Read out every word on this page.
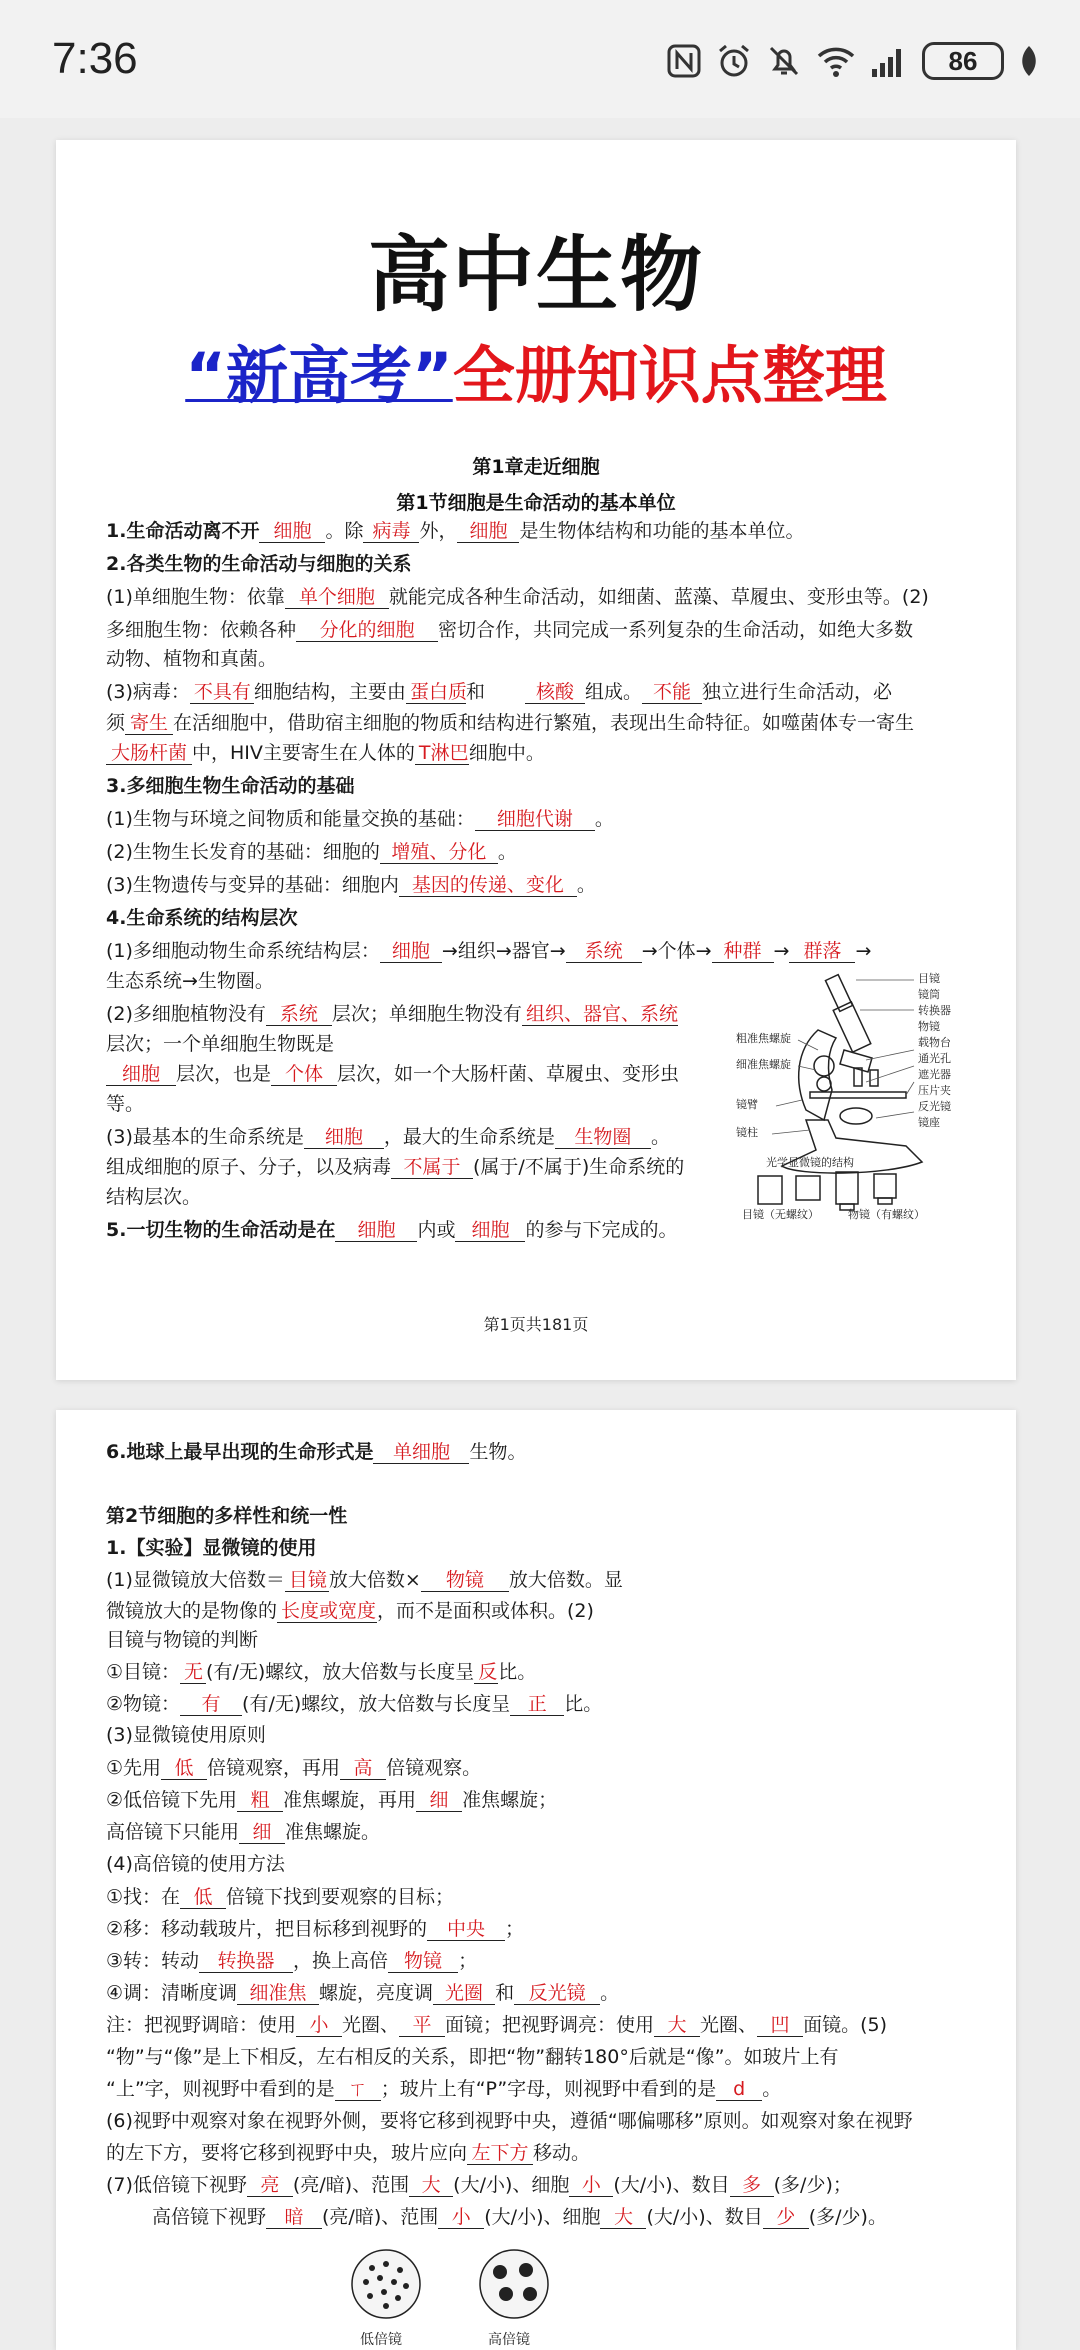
7:36	86
高中生物
“新高考”全册知识点整理
第1章走近细胞
第1节细胞是生命活动的基本单位
1.生命活动离不开 细胞 。除 病毒 外， 细胞 是生物体结构和功能的基本单位。
2.各类生物的生命活动与细胞的关系
(1)单细胞生物：依靠 单个细胞 就能完成各种生命活动，如细菌、蓝藻、草履虫、变形虫等。(2)
多细胞生物：依赖各种 分化的细胞 密切合作，共同完成一系列复杂的生命活动，如绝大多数
动物、植物和真菌。
(3)病毒： 不具有 细胞结构，主要由 蛋白质和	核酸 组成。 不能 独立进行生命活动，必
须 寄生 在活细胞中，借助宿主细胞的物质和结构进行繁殖，表现出生命特征。如噬菌体专一寄生
大肠杆菌 中，HIV主要寄生在人体的 T淋巴细胞中。
3.多细胞生物生命活动的基础
(1)生物与环境之间物质和能量交换的基础： 细胞代谢 。
(2)生物生长发育的基础：细胞的 增殖、分化 。
(3)生物遗传与变异的基础：细胞内 基因的传递、变化 。
4.生命系统的结构层次
(1)多细胞动物生命系统结构层： 细胞 →组织→器官→ 系统 →个体→ 种群 → 群落 →
生态系统→生物圈。
(2)多细胞植物没有 系统 层次；单细胞生物没有 组织、器官、系统
层次；一个单细胞生物既是
细胞 层次，也是 个体 层次，如一个大肠杆菌、草履虫、变形虫
等。
(3)最基本的生命系统是 细胞 ，最大的生命系统是 生物圈 。
组成细胞的原子、分子，以及病毒 不属于 (属于/不属于)生命系统的
结构层次。
5.一切生物的生命活动是在 细胞 内或 细胞 的参与下完成的。
目镜
镜筒
转换器
物镜
载物台
通光孔
遮光器
压片夹
反光镜
镜座
粗准焦螺旋
细准焦螺旋
镜臂
镜柱
光学显微镜的结构
目镜（无螺纹）	物镜（有螺纹）
第1页共181页
6.地球上最早出现的生命形式是 单细胞 生物。
第2节细胞的多样性和统一性
1.【实验】显微镜的使用
(1)显微镜放大倍数＝ 目镜 放大倍数× 物镜 放大倍数。显
微镜放大的是物像的 长度或宽度，而不是面积或体积。(2)
目镜与物镜的判断
①目镜： 无 (有/无)螺纹，放大倍数与长度呈 反比。
②物镜： 有 (有/无)螺纹，放大倍数与长度呈 正 比。
(3)显微镜使用原则
①先用 低 倍镜观察，再用 高 倍镜观察。
②低倍镜下先用 粗 准焦螺旋，再用 细 准焦螺旋；
高倍镜下只能用 细 准焦螺旋。
(4)高倍镜的使用方法
①找：在 低 倍镜下找到要观察的目标；
②移：移动载玻片，把目标移到视野的 中央 ；
③转：转动 转换器 ，换上高倍 物镜 ；
④调：清晰度调 细准焦 螺旋，亮度调 光圈 和 反光镜 。
注：把视野调暗：使用 小 光圈、 平 面镜；把视野调亮：使用 大 光圈、 凹 面镜。(5)
“物”与“像”是上下相反，左右相反的关系，即把“物”翻转180°后就是“像”。如玻片上有
“上”字，则视野中看到的是 ㄒ ；玻片上有“P”字母，则视野中看到的是 d 。
(6)视野中观察对象在视野外侧，要将它移到视野中央，遵循“哪偏哪移”原则。如观察对象在视野
的左下方，要将它移到视野中央，玻片应向 左下方 移动。
(7)低倍镜下视野 亮 (亮/暗)、范围 大 (大/小)、细胞 小 (大/小)、数目 多 (多/少)；
高倍镜下视野 暗 (亮/暗)、范围 小 (大/小)、细胞 大 (大/小)、数目 少 (多/少)。
低倍镜	高倍镜
